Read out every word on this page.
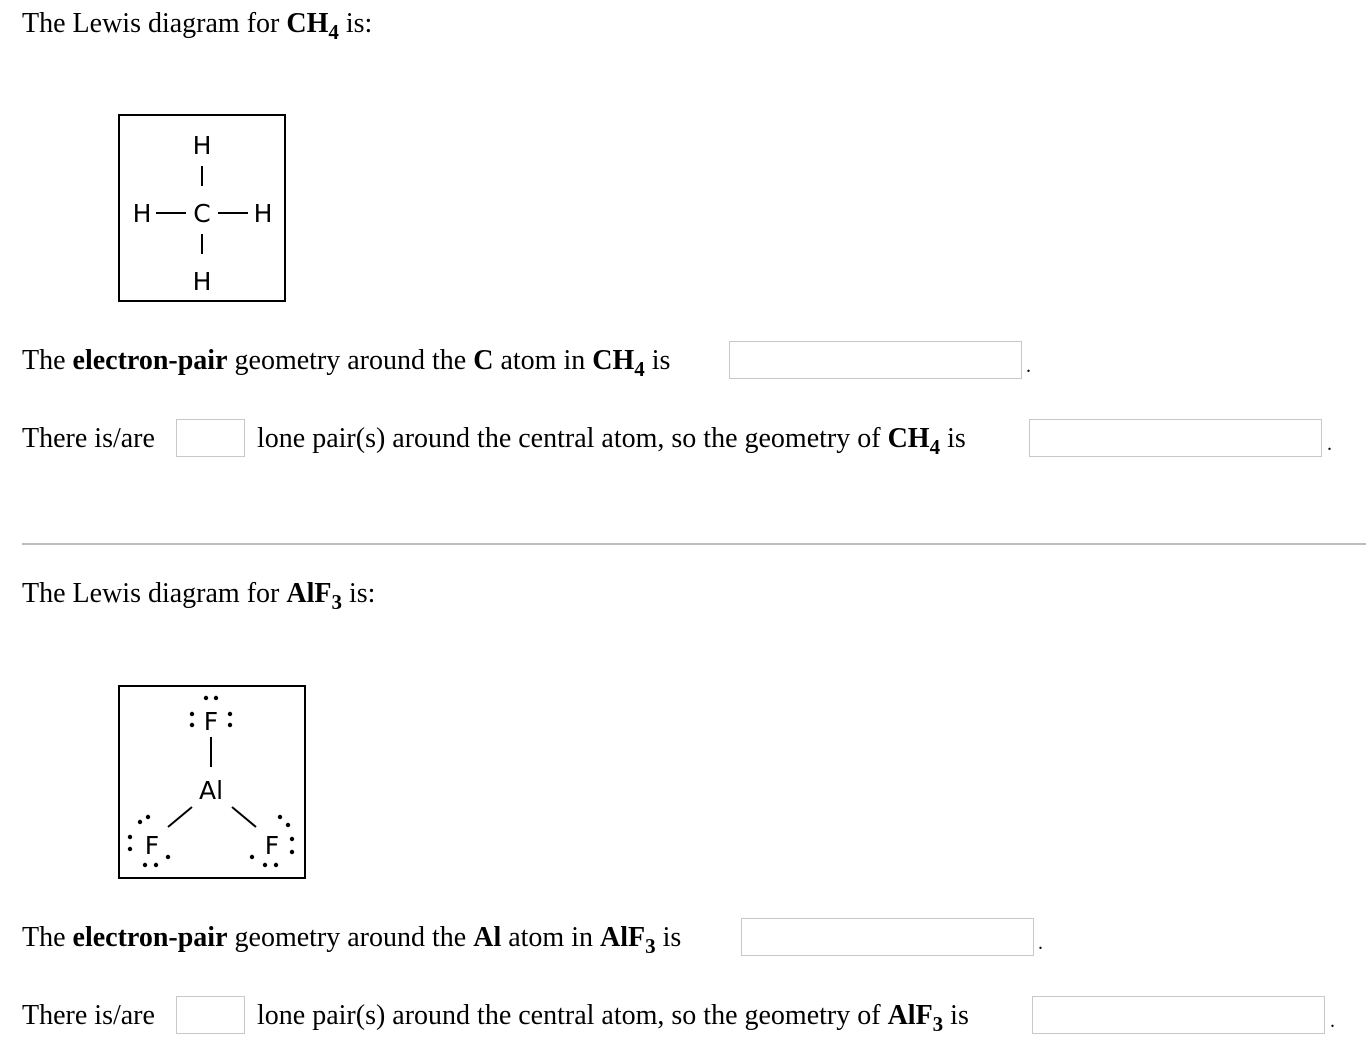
The Lewis diagram for $CH_4$ is:
H
H C H
H
The electron-pair geometry around the C atom in $CH_4$ is	.
There is/are	lone pair(s) around the central atom, so the geometry of $CH_4$ is	.
The Lewis diagram for AlF$_3$ is:
F
Al
F	F
The electron-pair geometry around the Al atom in AlF$_3$ is	.
There is/are	lone pair(s) around the central atom, so the geometry of AlF$_3$ is	.
